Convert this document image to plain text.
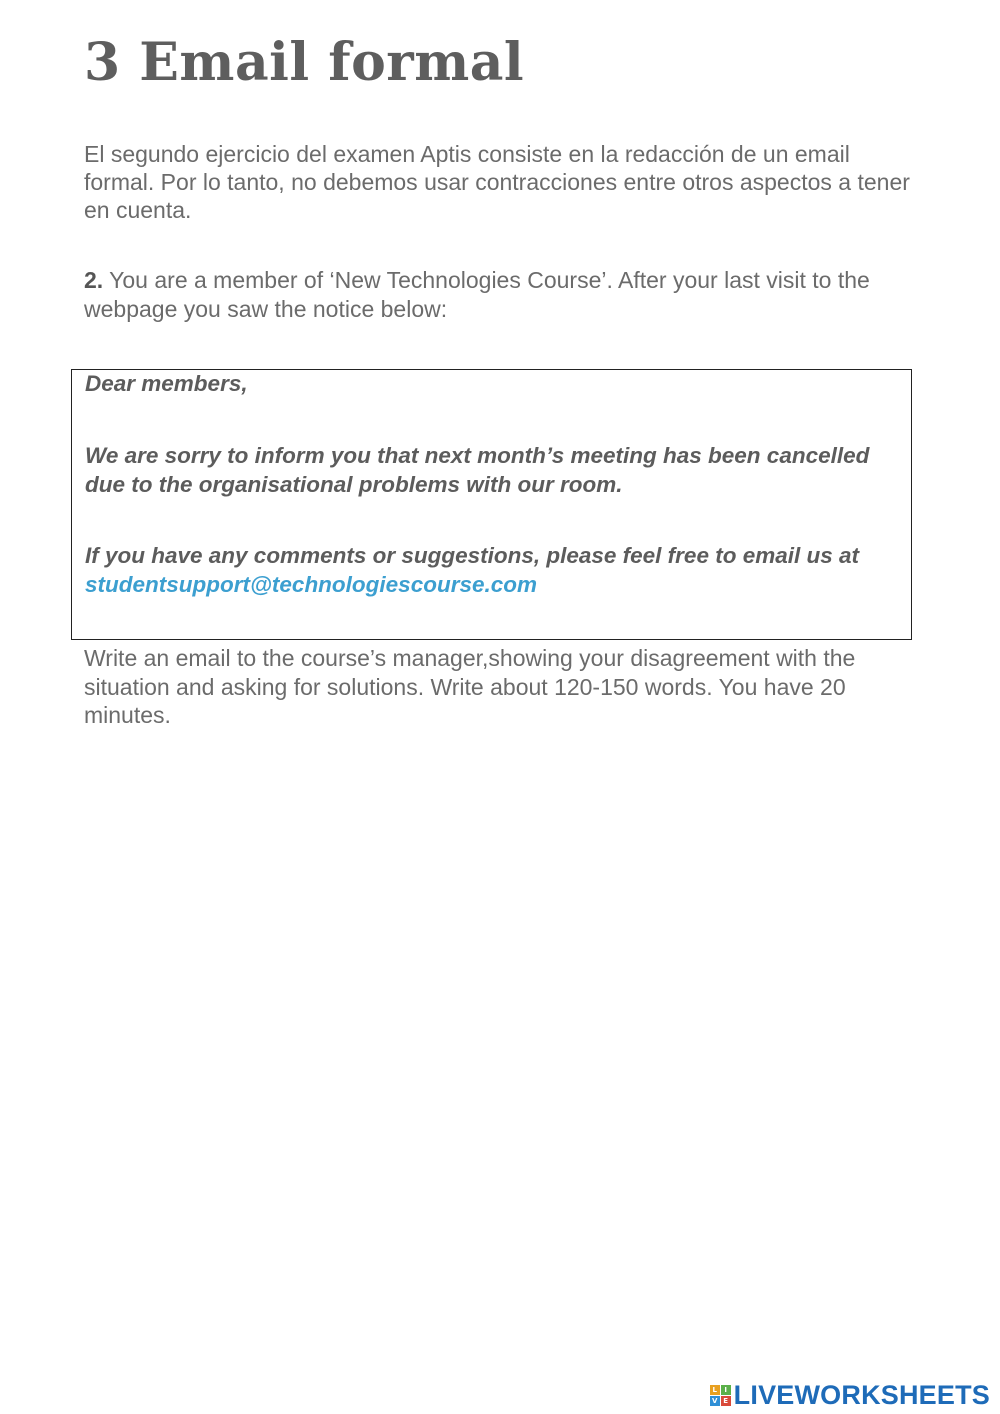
3 Email formal

El segundo ejercicio del examen Aptis consiste en la redacción de un email formal. Por lo tanto, no debemos usar contracciones entre otros aspectos a tener en cuenta.

2. You are a member of ‘New Technologies Course’. After your last visit to the webpage you saw the notice below:

Dear members,

We are sorry to inform you that next month’s meeting has been cancelled due to the organisational problems with our room.

If you have any comments or suggestions, please feel free to email us at studentsupport@technologiescourse.com

Write an email to the course’s manager,showing your disagreement with the situation and asking for solutions. Write about 120-150 words. You have 20 minutes.

L	I
V E LIVEWORKSHEETS
